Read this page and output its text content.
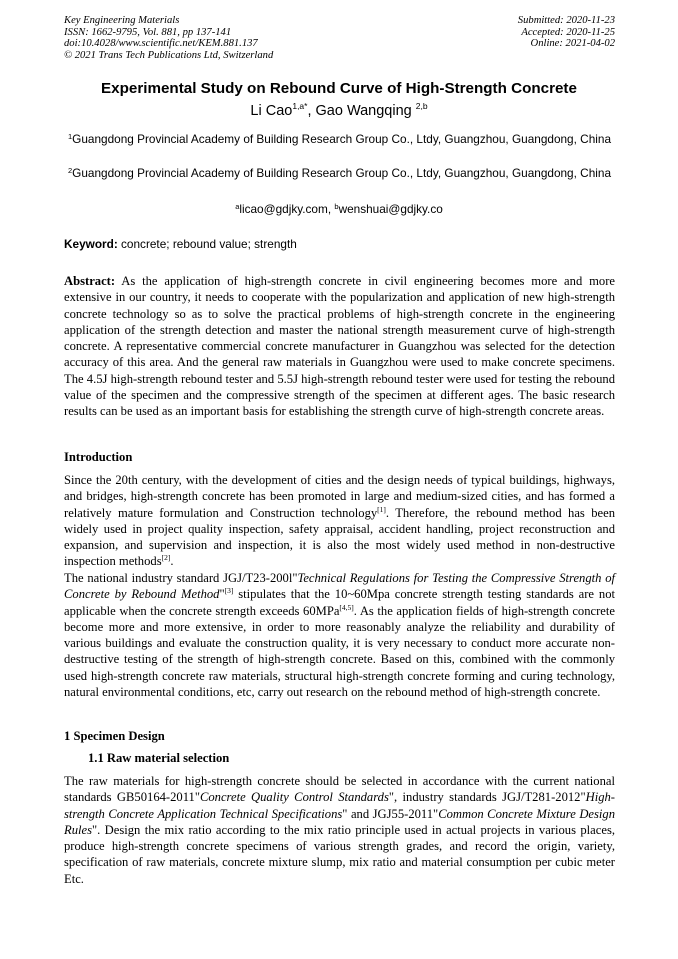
Key Engineering Materials
ISSN: 1662-9795, Vol. 881, pp 137-141
doi:10.4028/www.scientific.net/KEM.881.137
© 2021 Trans Tech Publications Ltd, Switzerland
Submitted: 2020-11-23
Accepted: 2020-11-25
Online: 2021-04-02
Experimental Study on Rebound Curve of High-Strength Concrete
Li Cao$^{1,a*}$, Gao Wangqing $^{2,b}$
$^1$Guangdong Provincial Academy of Building Research Group Co., Ltdy, Guangzhou, Guangdong, China
$^2$Guangdong Provincial Academy of Building Research Group Co., Ltdy, Guangzhou, Guangdong, China
$^a$licao@gdjky.com, $^b$wenshuai@gdjky.co
Keyword: concrete; rebound value; strength

Abstract: As the application of high-strength concrete in civil engineering becomes more and more extensive in our country, it needs to cooperate with the popularization and application of new high-strength concrete technology so as to solve the practical problems of high-strength concrete in the engineering application of the strength detection and master the national strength measurement curve of high-strength concrete. A representative commercial concrete manufacturer in Guangzhou was selected for the detection accuracy of this area. And the general raw materials in Guangzhou were used to make concrete specimens. The 4.5J high-strength rebound tester and 5.5J high-strength rebound tester were used for testing the rebound value of the specimen and the compressive strength of the specimen at different ages. The basic research results can be used as an important basis for establishing the strength curve of high-strength concrete areas.

Introduction

Since the 20th century, with the development of cities and the design needs of typical buildings, highways, and bridges, high-strength concrete has been promoted in large and medium-sized cities, and has formed a relatively mature formulation and Construction technology[1]. Therefore, the rebound method has been widely used in project quality inspection, safety appraisal, accident handling, project reconstruction and expansion, and supervision and inspection, it is also the most widely used method in non-destructive inspection methods[2].

The national industry standard JGJ/T23-200l"Technical Regulations for Testing the Compressive Strength of Concrete by Rebound Method"[3] stipulates that the 10~60Mpa concrete strength testing standards are not applicable when the concrete strength exceeds 60MPa[4,5]. As the application fields of high-strength concrete become more and more extensive, in order to more reasonably analyze the reliability and durability of various buildings and evaluate the construction quality, it is very necessary to conduct more accurate non-destructive testing of the strength of high-strength concrete. Based on this, combined with the commonly used high-strength concrete raw materials, structural high-strength concrete forming and curing technology, natural environmental conditions, etc, carry out research on the rebound method of high-strength concrete.

1 Specimen Design
1.1 Raw material selection

The raw materials for high-strength concrete should be selected in accordance with the current national standards GB50164-2011"Concrete Quality Control Standards", industry standards JGJ/T281-2012"High-strength Concrete Application Technical Specifications" and JGJ55-2011"Common Concrete Mixture Design Rules". Design the mix ratio according to the mix ratio principle used in actual projects in various places, produce high-strength concrete specimens of various strength grades, and record the origin, variety, specification of raw materials, concrete mixture slump, mix ratio and material consumption per cubic meter Etc.
